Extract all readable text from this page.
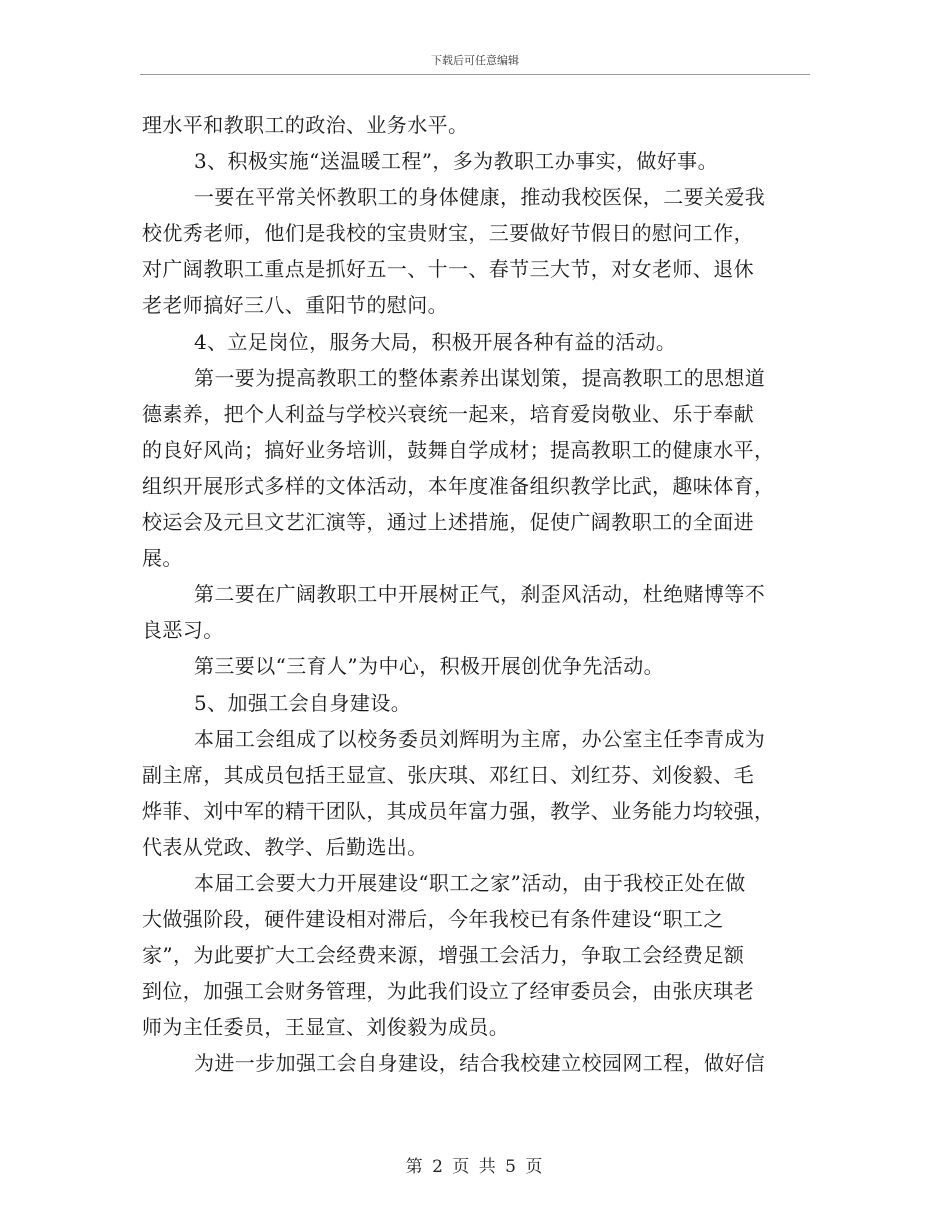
下载后可任意编辑
理水平和教职工的政治、业务水平。
3、积极实施“送温暖工程”，多为教职工办事实，做好事。
一要在平常关怀教职工的身体健康，推动我校医保，二要关爱我
校优秀老师，他们是我校的宝贵财宝，三要做好节假日的慰问工作，
对广阔教职工重点是抓好五一、十一、春节三大节，对女老师、退休
老老师搞好三八、重阳节的慰问。
4、立足岗位，服务大局，积极开展各种有益的活动。
第一要为提高教职工的整体素养出谋划策，提高教职工的思想道
德素养，把个人利益与学校兴衰统一起来，培育爱岗敬业、乐于奉献
的良好风尚；搞好业务培训，鼓舞自学成材；提高教职工的健康水平，
组织开展形式多样的文体活动，本年度准备组织教学比武，趣味体育，
校运会及元旦文艺汇演等，通过上述措施，促使广阔教职工的全面进
展。
第二要在广阔教职工中开展树正气，刹歪风活动，杜绝赌博等不
良恶习。
第三要以“三育人”为中心，积极开展创优争先活动。
5、加强工会自身建设。
本届工会组成了以校务委员刘辉明为主席，办公室主任李青成为
副主席，其成员包括王显宣、张庆琪、邓红日、刘红芬、刘俊毅、毛
烨菲、刘中军的精干团队，其成员年富力强，教学、业务能力均较强，
代表从党政、教学、后勤选出。
本届工会要大力开展建设“职工之家”活动，由于我校正处在做
大做强阶段，硬件建设相对滞后，今年我校已有条件建设“职工之
家”，为此要扩大工会经费来源，增强工会活力，争取工会经费足额
到位，加强工会财务管理，为此我们设立了经审委员会，由张庆琪老
师为主任委员，王显宣、刘俊毅为成员。
为进一步加强工会自身建设，结合我校建立校园网工程，做好信
第 2 页 共 5 页
